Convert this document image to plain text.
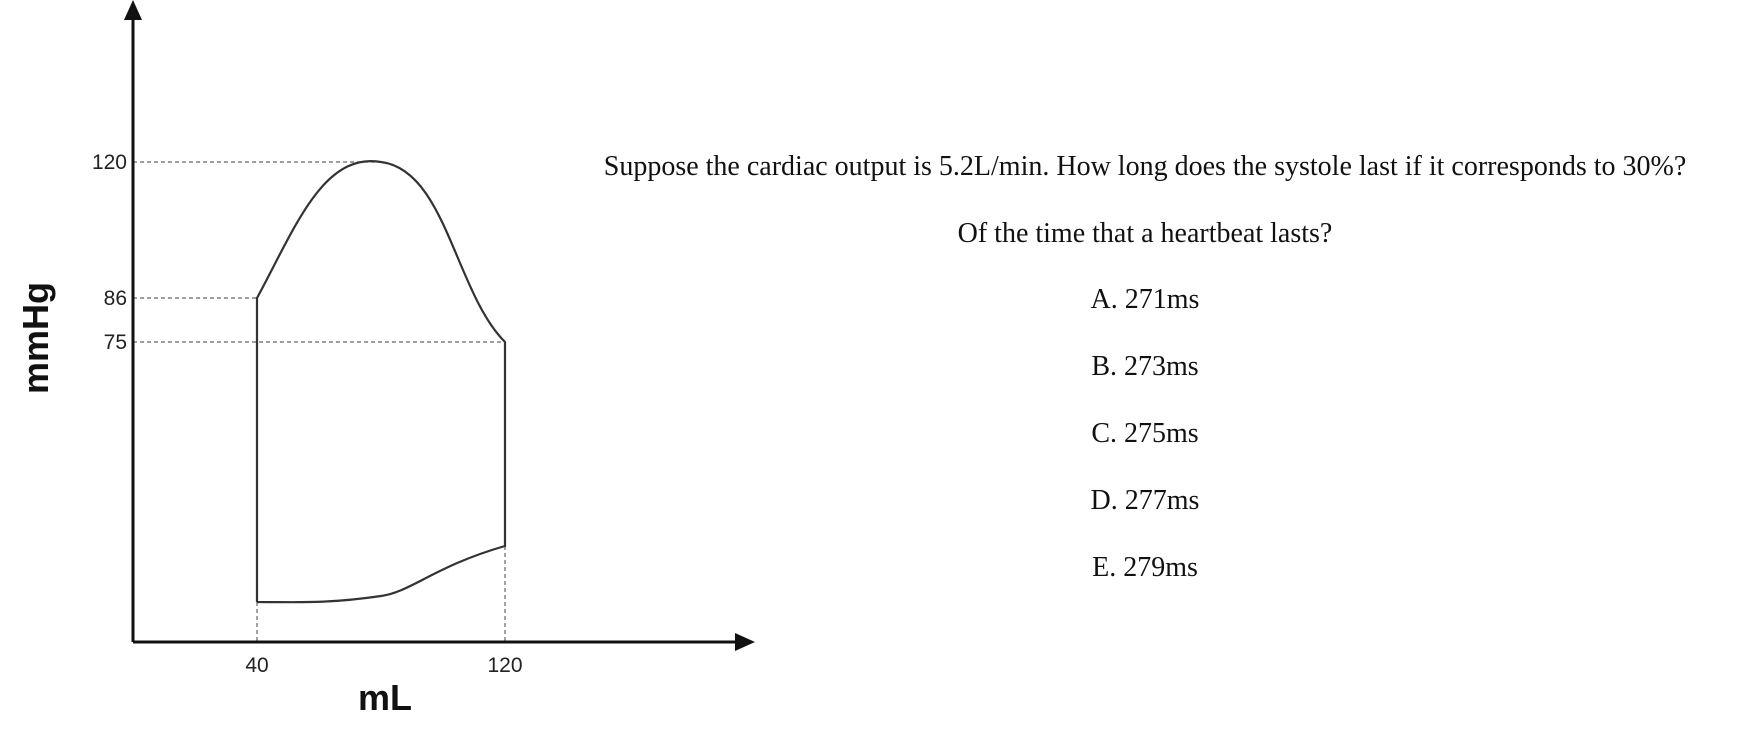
120
86
75
40	120
mmHg
mL

Suppose the cardiac output is 5.2L/min. How long does the systole last if it corresponds to 30%?

Of the time that a heartbeat lasts?

A. 271ms
B. 273ms
C. 275ms
D. 277ms
E. 279ms
